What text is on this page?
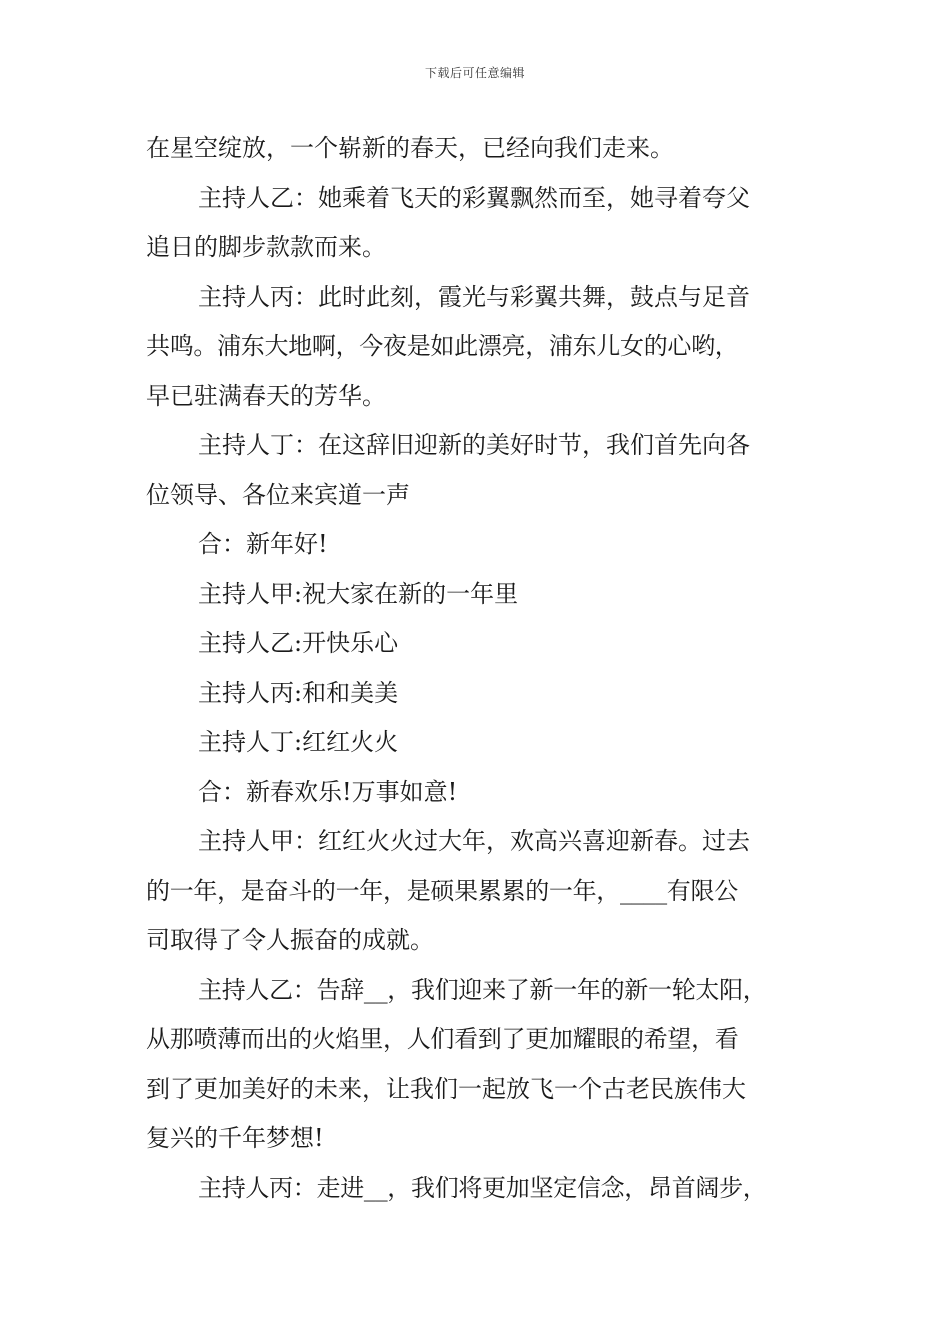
下载后可任意编辑
在星空绽放，一个崭新的春天，已经向我们走来。
主持人乙：她乘着飞天的彩翼飘然而至，她寻着夸父
追日的脚步款款而来。
主持人丙：此时此刻，霞光与彩翼共舞，鼓点与足音
共鸣。浦东大地啊，今夜是如此漂亮，浦东儿女的心哟，
早已驻满春天的芳华。
主持人丁：在这辞旧迎新的美好时节，我们首先向各
位领导、各位来宾道一声
合：新年好!
主持人甲:祝大家在新的一年里
主持人乙:开快乐心
主持人丙:和和美美
主持人丁:红红火火
合：新春欢乐!万事如意!
主持人甲：红红火火过大年，欢高兴喜迎新春。过去
的一年，是奋斗的一年，是硕果累累的一年，____有限公
司取得了令人振奋的成就。
主持人乙：告辞__，我们迎来了新一年的新一轮太阳，
从那喷薄而出的火焰里，人们看到了更加耀眼的希望，看
到了更加美好的未来，让我们一起放飞一个古老民族伟大
复兴的千年梦想!
主持人丙：走进__，我们将更加坚定信念，昂首阔步，
